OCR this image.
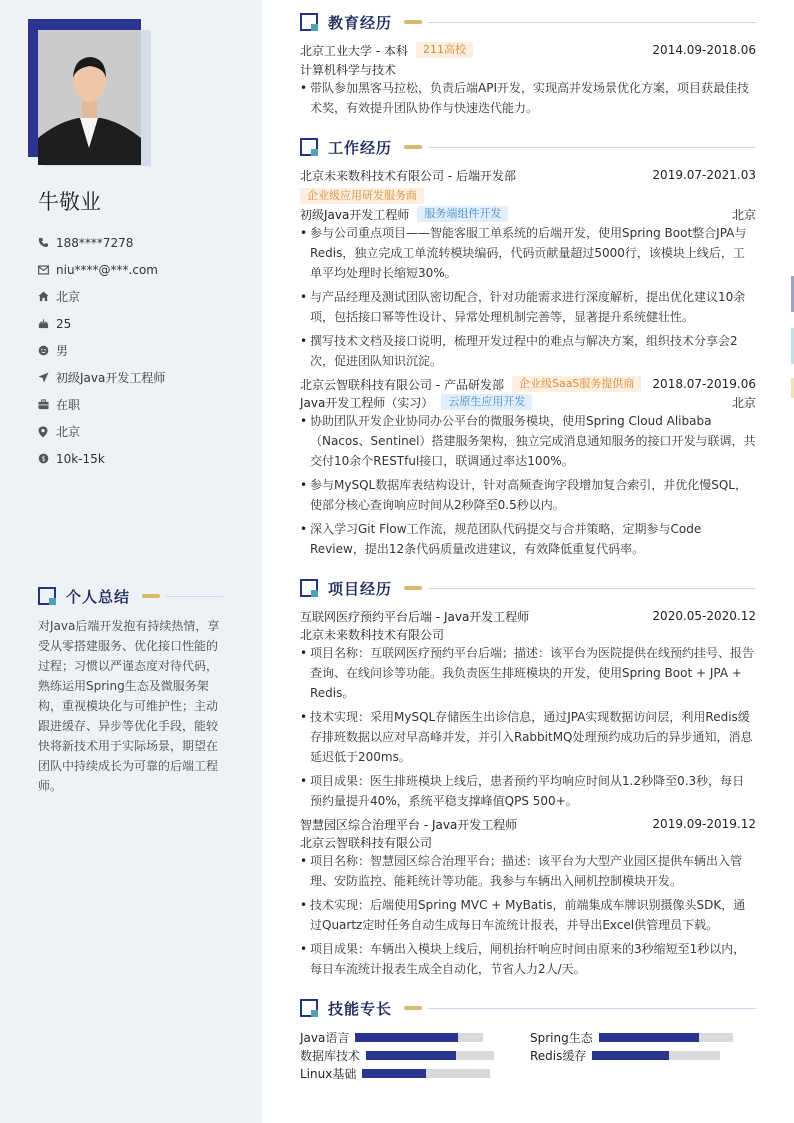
牛敬业
188****7278
niu****@***.com
北京
25
男
初级Java开发工程师
在职
北京
$ 10k-15k
个人总结

对Java后端开发抱有持续热情，享受从零搭建服务、优化接口性能的过程；习惯以严谨态度对待代码，熟练运用Spring生态及微服务架构，重视模块化与可维护性；主动跟进缓存、异步等优化手段，能较快将新技术用于实际场景，期望在团队中持续成长为可靠的后端工程师。

教育经历
北京工业大学 - 本科	211高校	2014.09-2018.06
计算机科学与技术
• 带队参加黑客马拉松，负责后端API开发，实现高并发场景优化方案，项目获最佳技术奖，有效提升团队协作与快速迭代能力。
工作经历
北京未来数科技术有限公司 - 后端开发部	2019.07-2021.03
企业级应用研发服务商
初级Java开发工程师	服务端组件开发	北京
• 参与公司重点项目——智能客服工单系统的后端开发，使用Spring Boot整合JPA与Redis，独立完成工单流转模块编码，代码贡献量超过5000行，该模块上线后，工单平均处理时长缩短30%。
• 与产品经理及测试团队密切配合，针对功能需求进行深度解析，提出优化建议10余项，包括接口幂等性设计、异常处理机制完善等，显著提升系统健壮性。
• 撰写技术文档及接口说明，梳理开发过程中的难点与解决方案，组织技术分享会2次，促进团队知识沉淀。
北京云智联科技有限公司 - 产品研发部	企业级SaaS服务提供商	2018.07-2019.06
Java开发工程师（实习）	云原生应用开发	北京
• 协助团队开发企业协同办公平台的微服务模块，使用Spring Cloud Alibaba（Nacos、Sentinel）搭建服务架构，独立完成消息通知服务的接口开发与联调，共交付10余个RESTful接口，联调通过率达100%。
• 参与MySQL数据库表结构设计，针对高频查询字段增加复合索引，并优化慢SQL，使部分核心查询响应时间从2秒降至0.5秒以内。
• 深入学习Git Flow工作流，规范团队代码提交与合并策略，定期参与Code Review，提出12条代码质量改进建议，有效降低重复代码率。
项目经历
互联网医疗预约平台后端 - Java开发工程师	2020.05-2020.12
北京未来数科技术有限公司
• 项目名称：互联网医疗预约平台后端；描述：该平台为医院提供在线预约挂号、报告查询、在线问诊等功能。我负责医生排班模块的开发，使用Spring Boot + JPA + Redis。
• 技术实现：采用MySQL存储医生出诊信息，通过JPA实现数据访问层，利用Redis缓存排班数据以应对早高峰并发，并引入RabbitMQ处理预约成功后的异步通知，消息延迟低于200ms。
• 项目成果：医生排班模块上线后，患者预约平均响应时间从1.2秒降至0.3秒，每日预约量提升40%，系统平稳支撑峰值QPS 500+。
智慧园区综合治理平台 - Java开发工程师	2019.09-2019.12
北京云智联科技有限公司
• 项目名称：智慧园区综合治理平台；描述：该平台为大型产业园区提供车辆出入管理、安防监控、能耗统计等功能。我参与车辆出入闸机控制模块开发。
• 技术实现：后端使用Spring MVC + MyBatis，前端集成车牌识别摄像头SDK，通过Quartz定时任务自动生成每日车流统计报表，并导出Excel供管理员下载。
• 项目成果：车辆出入模块上线后，闸机抬杆响应时间由原来的3秒缩短至1秒以内，每日车流统计报表生成全自动化，节省人力2人/天。
技能专长
Java语言	Spring生态
数据库技术	Redis缓存
Linux基础
